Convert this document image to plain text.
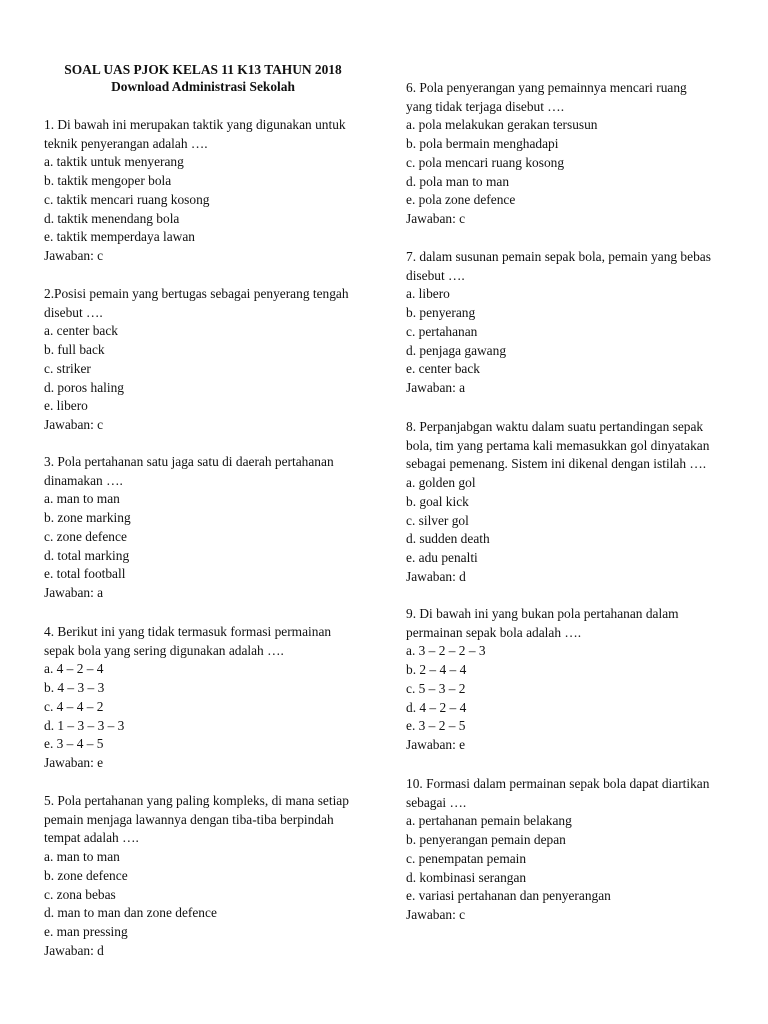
SOAL UAS PJOK KELAS 11 K13 TAHUN 2018
Download Administrasi Sekolah
1. Di bawah ini merupakan taktik yang digunakan untuk
teknik penyerangan adalah ….
a. taktik untuk menyerang
b. taktik mengoper bola
c. taktik mencari ruang kosong
d. taktik menendang bola
e. taktik memperdaya lawan
Jawaban: c
2.Posisi pemain yang bertugas sebagai penyerang tengah
disebut ….
a. center back
b. full back
c. striker
d. poros haling
e. libero
Jawaban: c
3. Pola pertahanan satu jaga satu di daerah pertahanan
dinamakan ….
a. man to man
b. zone marking
c. zone defence
d. total marking
e. total football
Jawaban: a
4. Berikut ini yang tidak termasuk formasi permainan
sepak bola yang sering digunakan adalah ….
a. 4 – 2 – 4
b. 4 – 3 – 3
c. 4 – 4 – 2
d. 1 – 3 – 3 – 3
e. 3 – 4 – 5
Jawaban: e
5. Pola pertahanan yang paling kompleks, di mana setiap
pemain menjaga lawannya dengan tiba-tiba berpindah
tempat adalah ….
a. man to man
b. zone defence
c. zona bebas
d. man to man dan zone defence
e. man pressing
Jawaban: d
6. Pola penyerangan yang pemainnya mencari ruang
yang tidak terjaga disebut ….
a. pola melakukan gerakan tersusun
b. pola bermain menghadapi
c. pola mencari ruang kosong
d. pola man to man
e. pola zone defence
Jawaban: c
7. dalam susunan pemain sepak bola, pemain yang bebas
disebut ….
a. libero
b. penyerang
c. pertahanan
d. penjaga gawang
e. center back
Jawaban: a
8. Perpanjabgan waktu dalam suatu pertandingan sepak
bola, tim yang pertama kali memasukkan gol dinyatakan
sebagai pemenang. Sistem ini dikenal dengan istilah ….
a. golden gol
b. goal kick
c. silver gol
d. sudden death
e. adu penalti
Jawaban: d
9. Di bawah ini yang bukan pola pertahanan dalam
permainan sepak bola adalah ….
a. 3 – 2 – 2 – 3
b. 2 – 4 – 4
c. 5 – 3 – 2
d. 4 – 2 – 4
e. 3 – 2 – 5
Jawaban: e
10. Formasi dalam permainan sepak bola dapat diartikan
sebagai ….
a. pertahanan pemain belakang
b. penyerangan pemain depan
c. penempatan pemain
d. kombinasi serangan
e. variasi pertahanan dan penyerangan
Jawaban: c
